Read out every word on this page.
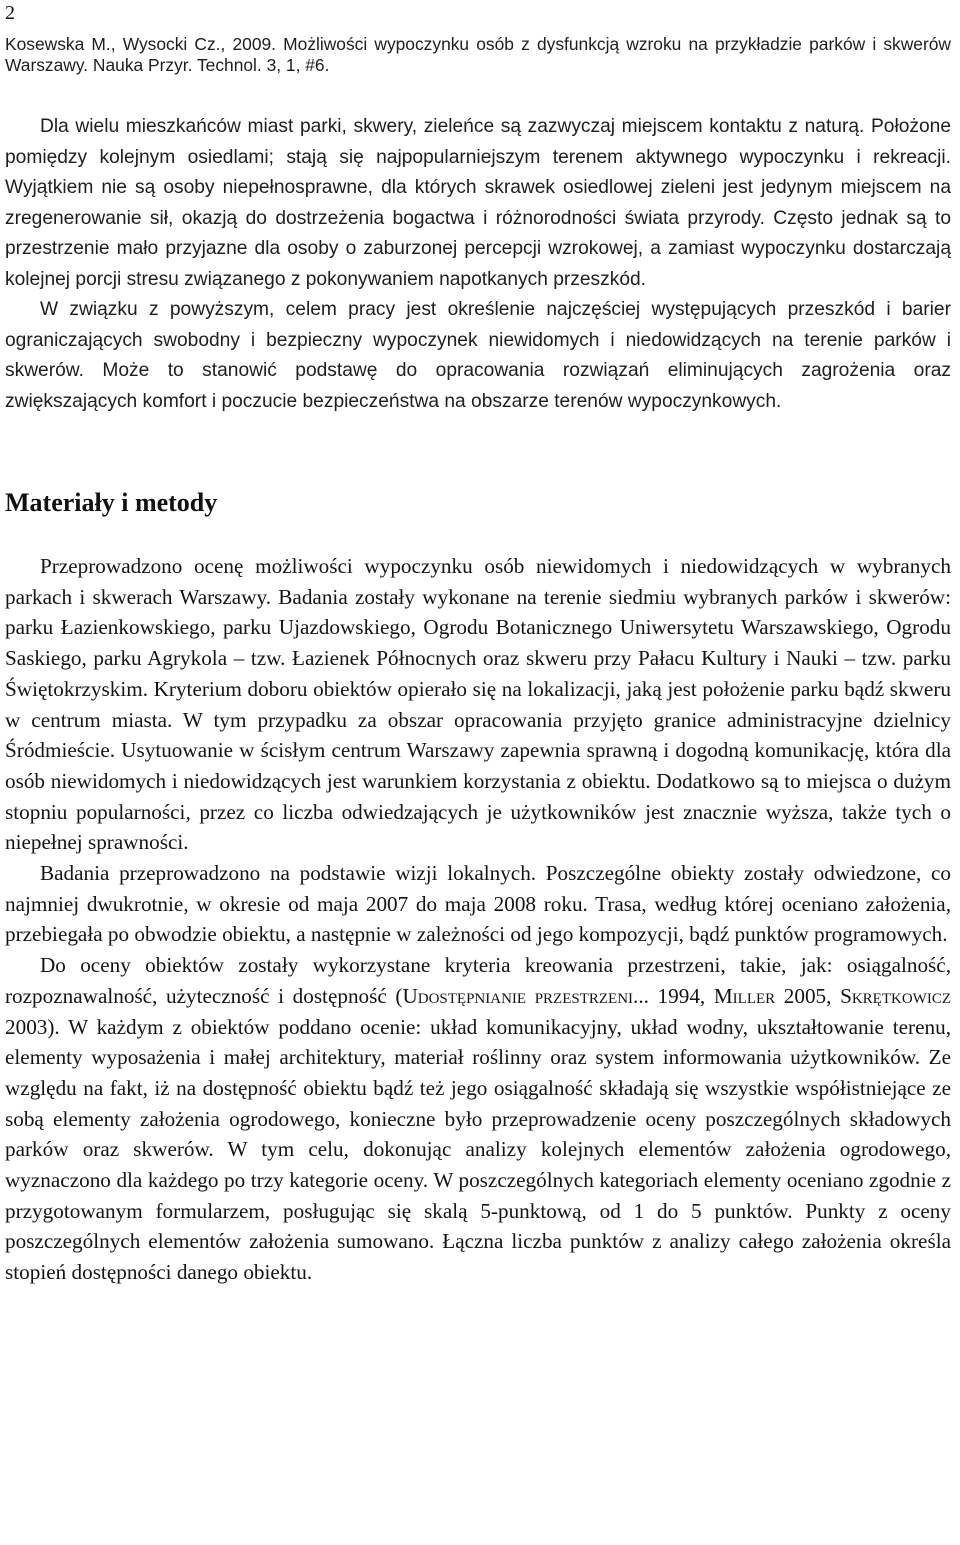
2

Kosewska M., Wysocki Cz., 2009. Możliwości wypoczynku osób z dysfunkcją wzroku na przykładzie parków i skwerów Warszawy. Nauka Przyr. Technol. 3, 1, #6.

Dla wielu mieszkańców miast parki, skwery, zieleńce są zazwyczaj miejscem kontaktu z naturą. Położone pomiędzy kolejnym osiedlami; stają się najpopularniejszym terenem aktywnego wypoczynku i rekreacji. Wyjątkiem nie są osoby niepełnosprawne, dla których skrawek osiedlowej zieleni jest jedynym miejscem na zregenerowanie sił, okazją do dostrzeżenia bogactwa i różnorodności świata przyrody. Często jednak są to przestrzenie mało przyjazne dla osoby o zaburzonej percepcji wzrokowej, a zamiast wypoczynku dostarczają kolejnej porcji stresu związanego z pokonywaniem napotkanych przeszkód.

W związku z powyższym, celem pracy jest określenie najczęściej występujących przeszkód i barier ograniczających swobodny i bezpieczny wypoczynek niewidomych i niedowidzących na terenie parków i skwerów. Może to stanowić podstawę do opracowania rozwiązań eliminujących zagrożenia oraz zwiększających komfort i poczucie bezpieczeństwa na obszarze terenów wypoczynkowych.

Materiały i metody

Przeprowadzono ocenę możliwości wypoczynku osób niewidomych i niedowidzących w wybranych parkach i skwerach Warszawy. Badania zostały wykonane na terenie siedmiu wybranych parków i skwerów: parku Łazienkowskiego, parku Ujazdowskiego, Ogrodu Botanicznego Uniwersytetu Warszawskiego, Ogrodu Saskiego, parku Agrykola – tzw. Łazienek Północnych oraz skweru przy Pałacu Kultury i Nauki – tzw. parku Świętokrzyskim. Kryterium doboru obiektów opierało się na lokalizacji, jaką jest położenie parku bądź skweru w centrum miasta. W tym przypadku za obszar opracowania przyjęto granice administracyjne dzielnicy Śródmieście. Usytuowanie w ścisłym centrum Warszawy zapewnia sprawną i dogodną komunikację, która dla osób niewidomych i niedowidzących jest warunkiem korzystania z obiektu. Dodatkowo są to miejsca o dużym stopniu popularności, przez co liczba odwiedzających je użytkowników jest znacznie wyższa, także tych o niepełnej sprawności.

Badania przeprowadzono na podstawie wizji lokalnych. Poszczególne obiekty zostały odwiedzone, co najmniej dwukrotnie, w okresie od maja 2007 do maja 2008 roku. Trasa, według której oceniano założenia, przebiegała po obwodzie obiektu, a następnie w zależności od jego kompozycji, bądź punktów programowych.

Do oceny obiektów zostały wykorzystane kryteria kreowania przestrzeni, takie, jak: osiągalność, rozpoznawalność, użyteczność i dostępność (Udostępnianie przestrzeni... 1994, Miller 2005, Skrętkowicz 2003). W każdym z obiektów poddano ocenie: układ komunikacyjny, układ wodny, ukształtowanie terenu, elementy wyposażenia i małej architektury, materiał roślinny oraz system informowania użytkowników. Ze względu na fakt, iż na dostępność obiektu bądź też jego osiągalność składają się wszystkie współistniejące ze sobą elementy założenia ogrodowego, konieczne było przeprowadzenie oceny poszczególnych składowych parków oraz skwerów. W tym celu, dokonując analizy kolejnych elementów założenia ogrodowego, wyznaczono dla każdego po trzy kategorie oceny. W poszczególnych kategoriach elementy oceniano zgodnie z przygotowanym formularzem, posługując się skalą 5-punktową, od 1 do 5 punktów. Punkty z oceny poszczególnych elementów założenia sumowano. Łączna liczba punktów z analizy całego założenia określa stopień dostępności danego obiektu.
